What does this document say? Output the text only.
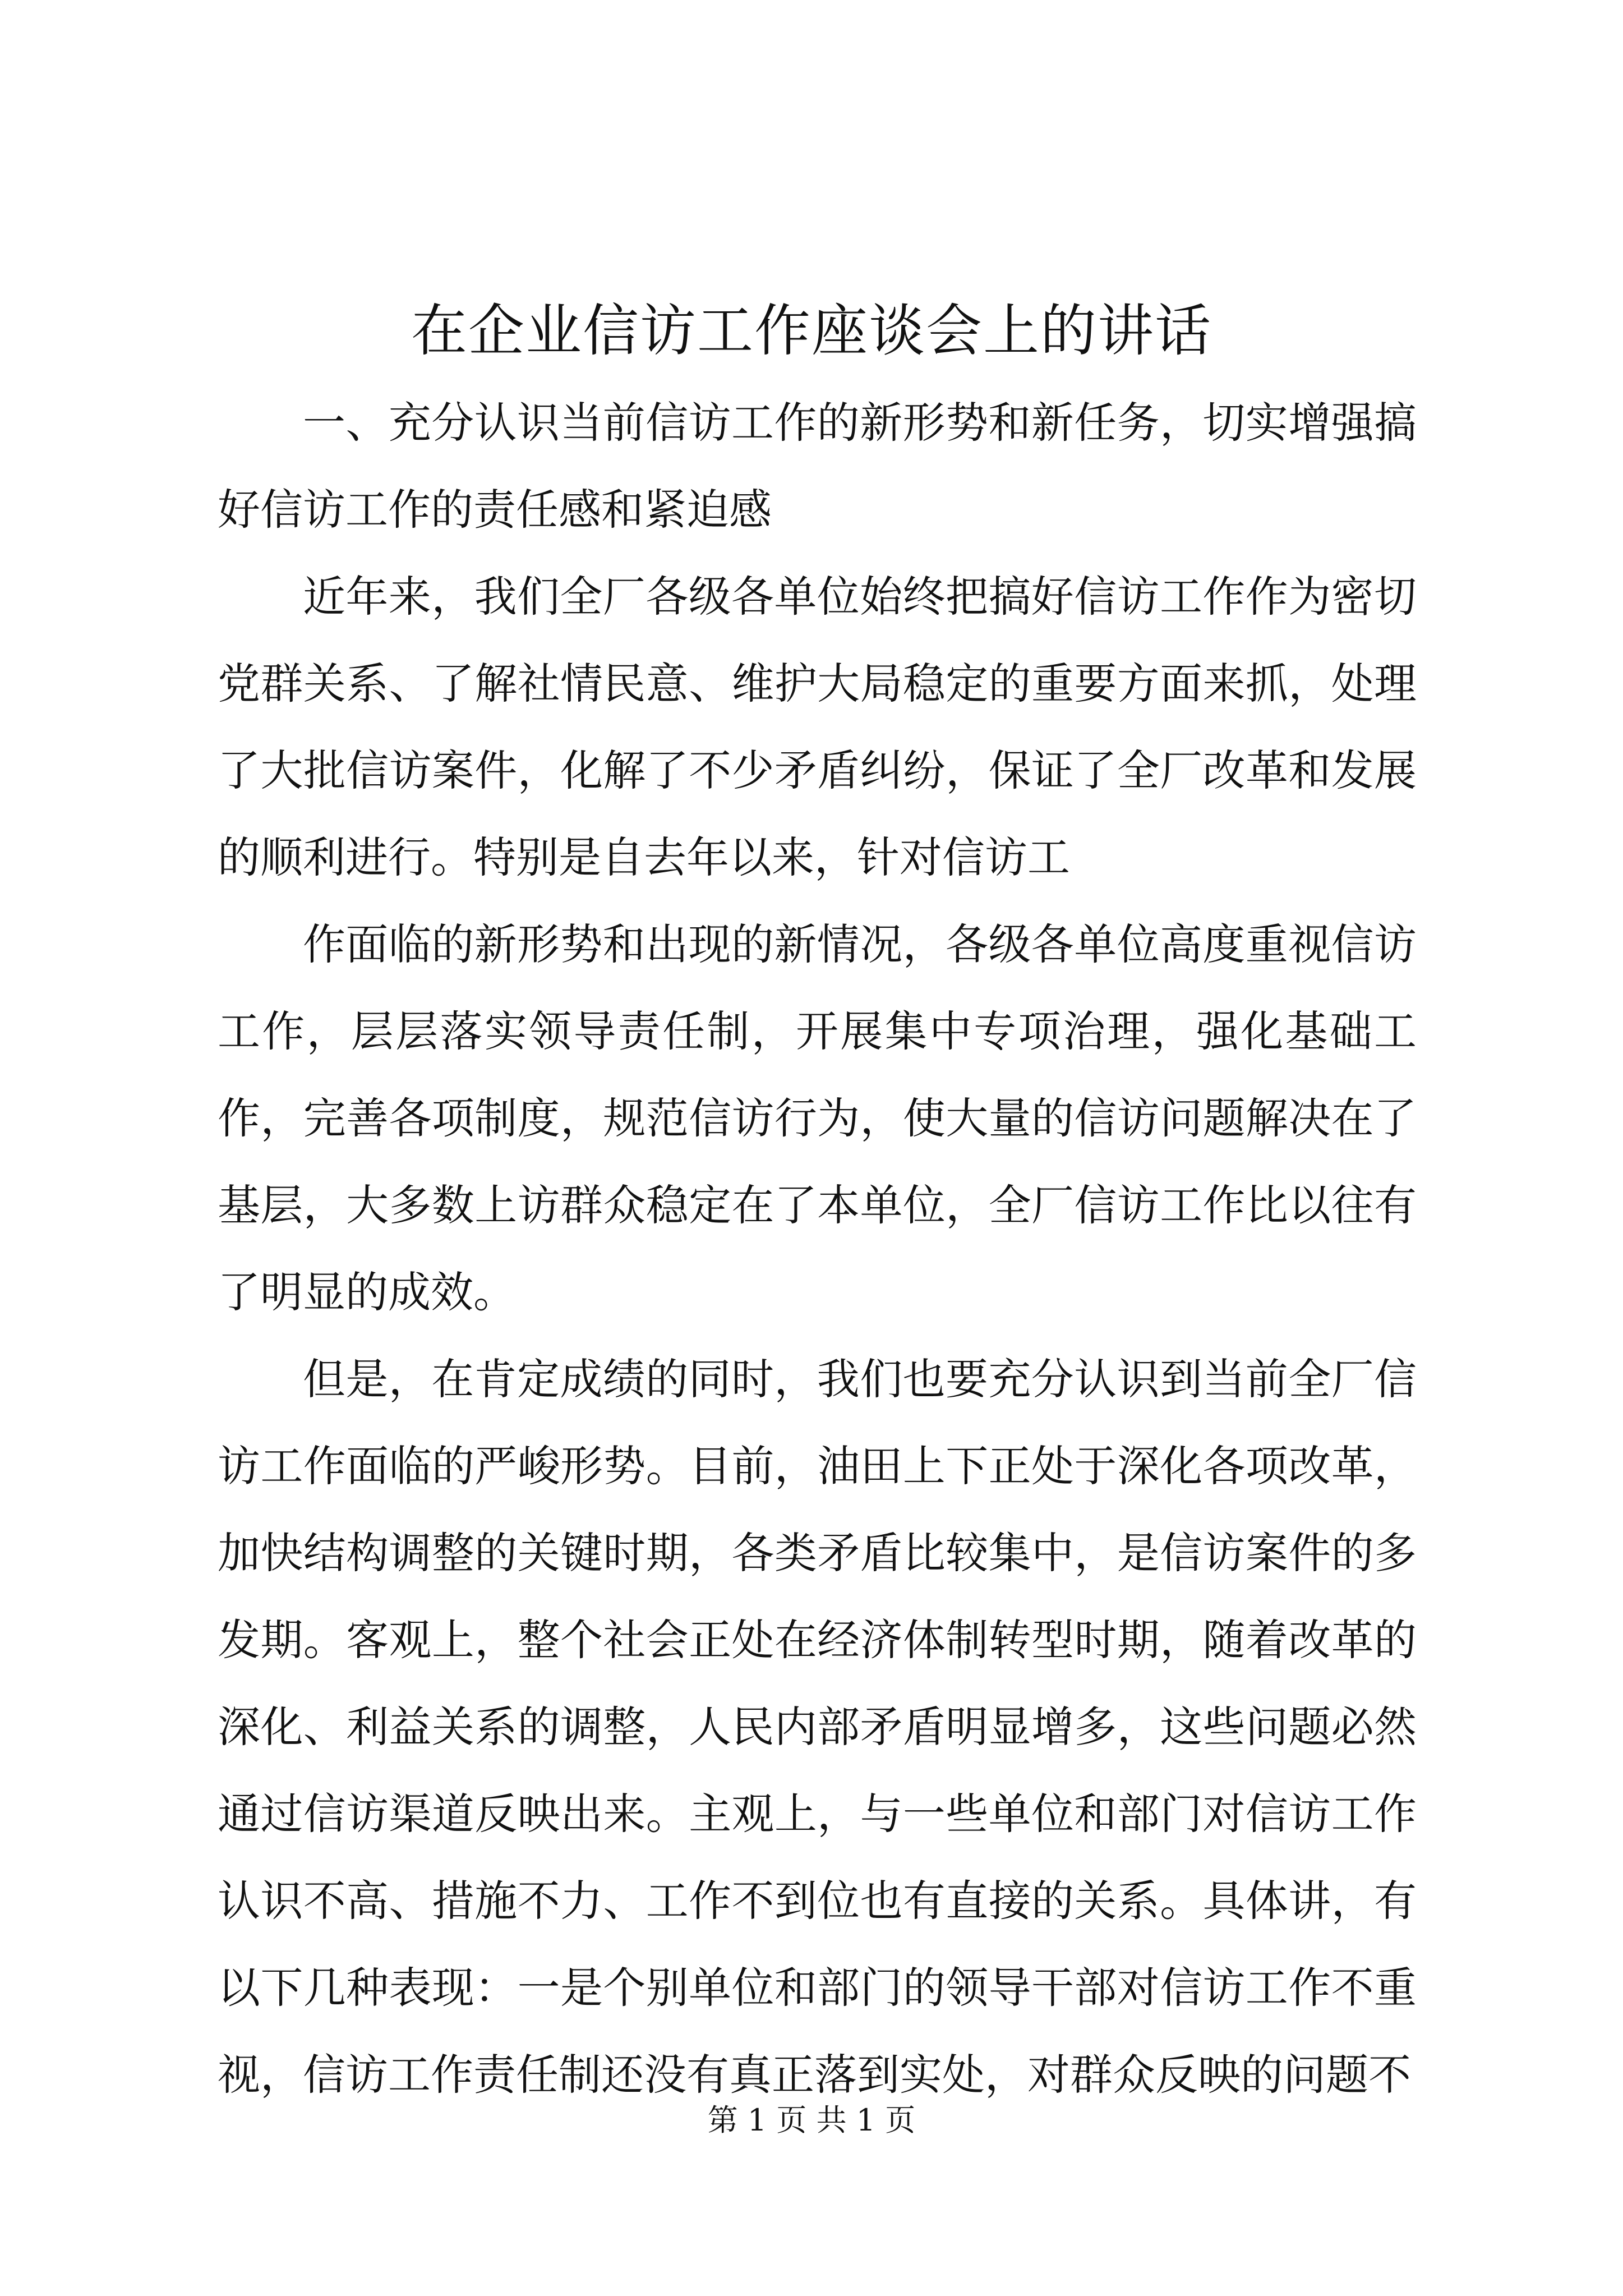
在企业信访工作座谈会上的讲话

一、充分认识当前信访工作的新形势和新任务，切实增强搞好信访工作的责任感和紧迫感

近年来，我们全厂各级各单位始终把搞好信访工作作为密切党群关系、了解社情民意、维护大局稳定的重要方面来抓，处理了大批信访案件，化解了不少矛盾纠纷，保证了全厂改革和发展的顺利进行。特别是自去年以来，针对信访工

作面临的新形势和出现的新情况，各级各单位高度重视信访工作，层层落实领导责任制，开展集中专项治理，强化基础工作，完善各项制度，规范信访行为，使大量的信访问题解决在了基层，大多数上访群众稳定在了本单位，全厂信访工作比以往有了明显的成效。

但是，在肯定成绩的同时，我们也要充分认识到当前全厂信访工作面临的严峻形势。目前，油田上下正处于深化各项改革，加快结构调整的关键时期，各类矛盾比较集中，是信访案件的多发期。客观上，整个社会正处在经济体制转型时期，随着改革的深化、利益关系的调整，人民内部矛盾明显增多，这些问题必然通过信访渠道反映出来。主观上，与一些单位和部门对信访工作认识不高、措施不力、工作不到位也有直接的关系。具体讲，有以下几种表现：一是个别单位和部门的领导干部对信访工作不重视，信访工作责任制还没有真正落到实处，对群众反映的问题不

第 1 页 共 1 页
